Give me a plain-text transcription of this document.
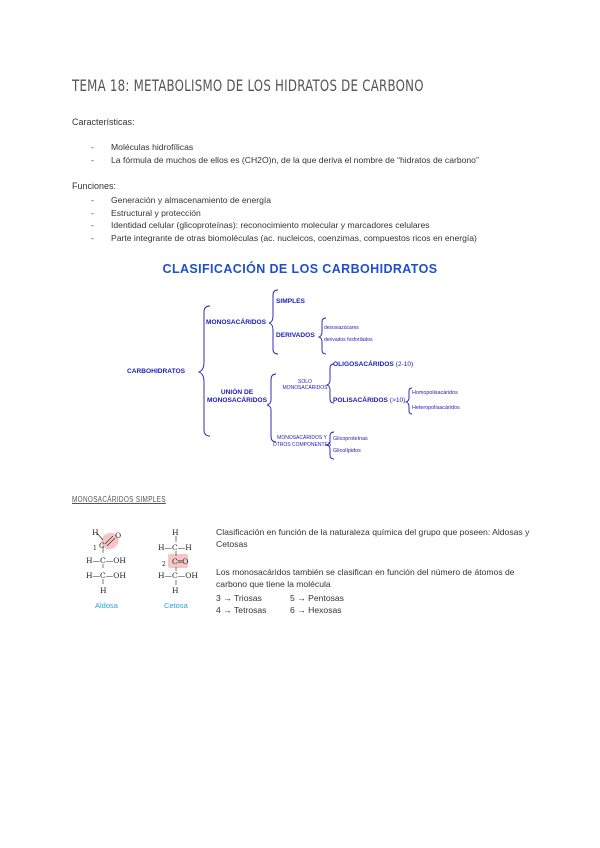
TEMA 18: METABOLISMO DE LOS HIDRATOS DE CARBONO
Características:
- Moléculas hidrofílicas
- La fórmula de muchos de ellos es (CH2O)n, de la que deriva el nombre de “hidratos de carbono”
Funciones:
- Generación y almacenamiento de energía
- Estructural y protección
- Identidad celular (glicoproteínas): reconocimiento molecular y marcadores celulares
- Parte integrante de otras biomoléculas (ac. nucleicos, coenzimas, compuestos ricos en energía)
CLASIFICACIÓN DE LOS CARBOHIDRATOS
CARBOHIDRATOS
MONOSACÁRIDOS
SIMPLES
DERIVADOS
desoxiazúcares
derivados fosforilados
UNIÓN DE MONOSACÁRIDOS
SOLO MONOSACÁRIDOS
OLIGOSACÁRIDOS (2-10)
POLISACÁRIDOS (>10)
Homopolisacáridos
Heteropolisacáridos
MONOSACÁRIDOS Y OTROS COMPONENTES
Glicoproteínas
Glicolípidos
MONOSACÁRIDOS SIMPLES
H O
C
1
H—C—OH
H—C—OH
H
Aldosa
H
H—C—H
C═O
2
H—C—OH
H
Cetosa
Clasificación en función de la naturaleza química del grupo que poseen: Aldosas y Cetosas
Los monosacáridos también se clasifican en función del número de átomos de carbono que tiene la molécula
3 → Triosas	5 → Pentosas
4 → Tetrosas	6 → Hexosas
